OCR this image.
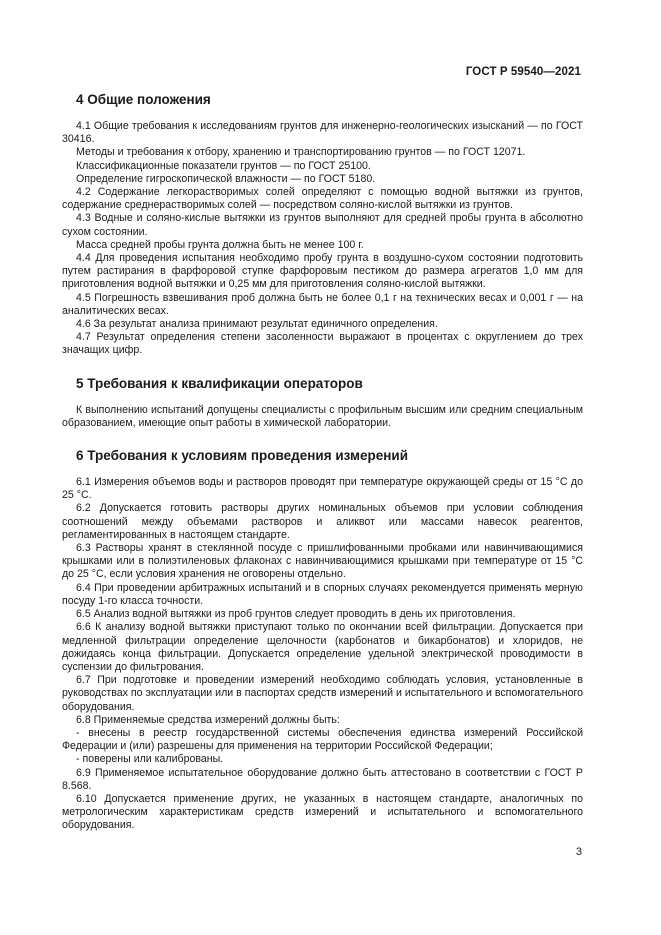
ГОСТ Р 59540—2021
4 Общие положения

4.1 Общие требования к исследованиям грунтов для инженерно-геологических изысканий — по ГОСТ 30416.

Методы и требования к отбору, хранению и транспортированию грунтов — по ГОСТ 12071.

Классификационные показатели грунтов — по ГОСТ 25100.

Определение гигроскопической влажности — по ГОСТ 5180.

4.2 Содержание легкорастворимых солей определяют с помощью водной вытяжки из грунтов, содержание среднерастворимых солей — посредством соляно-кислой вытяжки из грунтов.

4.3 Водные и соляно-кислые вытяжки из грунтов выполняют для средней пробы грунта в абсолютно сухом состоянии.

Масса средней пробы грунта должна быть не менее 100 г.

4.4 Для проведения испытания необходимо пробу грунта в воздушно-сухом состоянии подготовить путем растирания в фарфоровой ступке фарфоровым пестиком до размера агрегатов 1,0 мм для приготовления водной вытяжки и 0,25 мм для приготовления соляно-кислой вытяжки.

4.5 Погрешность взвешивания проб должна быть не более 0,1 г на технических весах и 0,001 г — на аналитических весах.

4.6 За результат анализа принимают результат единичного определения.

4.7 Результат определения степени засоленности выражают в процентах с округлением до трех значащих цифр.

5 Требования к квалификации операторов

К выполнению испытаний допущены специалисты с профильным высшим или средним специальным образованием, имеющие опыт работы в химической лаборатории.

6 Требования к условиям проведения измерений

6.1 Измерения объемов воды и растворов проводят при температуре окружающей среды от 15 °C до 25 °C.

6.2 Допускается готовить растворы других номинальных объемов при условии соблюдения соотношений между объемами растворов и аликвот или массами навесок реагентов, регламентированных в настоящем стандарте.

6.3 Растворы хранят в стеклянной посуде с пришлифованными пробками или навинчивающимися крышками или в полиэтиленовых флаконах с навинчивающимися крышками при температуре от 15 °C до 25 °C, если условия хранения не оговорены отдельно.

6.4 При проведении арбитражных испытаний и в спорных случаях рекомендуется применять мерную посуду 1-го класса точности.

6.5 Анализ водной вытяжки из проб грунтов следует проводить в день их приготовления.

6.6 К анализу водной вытяжки приступают только по окончании всей фильтрации. Допускается при медленной фильтрации определение щелочности (карбонатов и бикарбонатов) и хлоридов, не дожидаясь конца фильтрации. Допускается определение удельной электрической проводимости в суспензии до фильтрования.

6.7 При подготовке и проведении измерений необходимо соблюдать условия, установленные в руководствах по эксплуатации или в паспортах средств измерений и испытательного и вспомогательного оборудования.

6.8 Применяемые средства измерений должны быть:

- внесены в реестр государственной системы обеспечения единства измерений Российской Федерации и (или) разрешены для применения на территории Российской Федерации;

- поверены или калиброваны.

6.9 Применяемое испытательное оборудование должно быть аттестовано в соответствии с ГОСТ Р 8.568.

6.10 Допускается применение других, не указанных в настоящем стандарте, аналогичных по метрологическим характеристикам средств измерений и испытательного и вспомогательного оборудования.

3
